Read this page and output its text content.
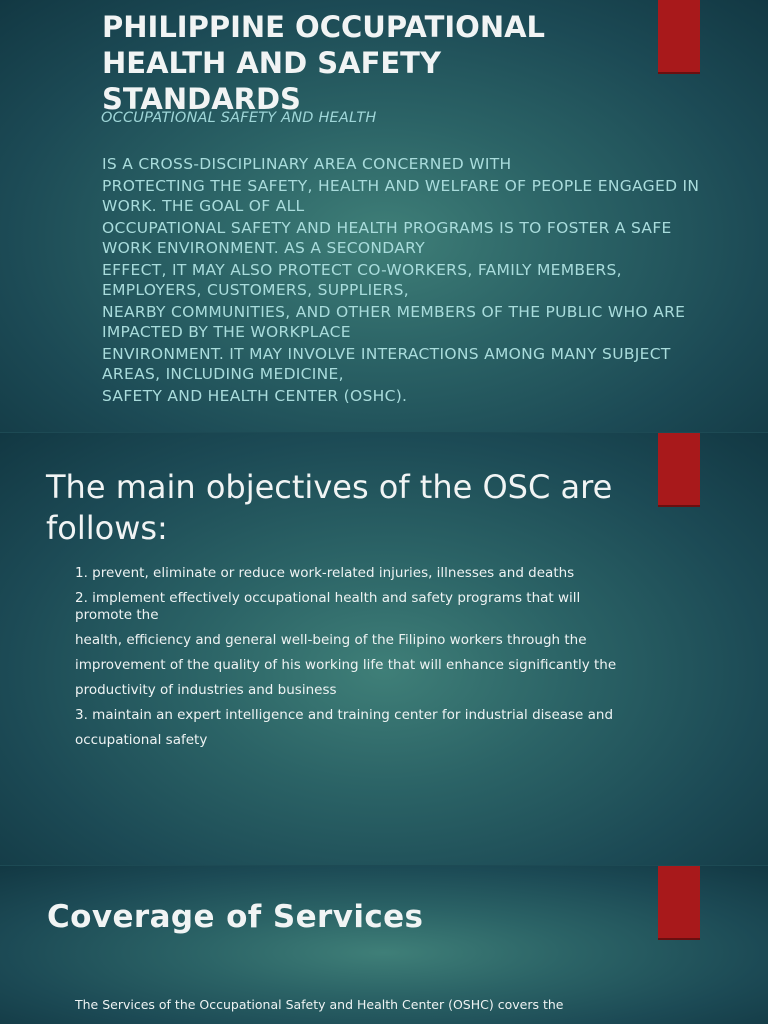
PHILIPPINE OCCUPATIONAL HEALTH AND SAFETY STANDARDS

OCCUPATIONAL SAFETY AND HEALTH

IS A CROSS-DISCIPLINARY AREA CONCERNED WITH
PROTECTING THE SAFETY, HEALTH AND WELFARE OF PEOPLE ENGAGED IN WORK. THE GOAL OF ALL
OCCUPATIONAL SAFETY AND HEALTH PROGRAMS IS TO FOSTER A SAFE WORK ENVIRONMENT. AS A SECONDARY
EFFECT, IT MAY ALSO PROTECT CO-WORKERS, FAMILY MEMBERS, EMPLOYERS, CUSTOMERS, SUPPLIERS,
NEARBY COMMUNITIES, AND OTHER MEMBERS OF THE PUBLIC WHO ARE IMPACTED BY THE WORKPLACE
ENVIRONMENT. IT MAY INVOLVE INTERACTIONS AMONG MANY SUBJECT AREAS, INCLUDING MEDICINE,
SAFETY AND HEALTH CENTER (OSHC).
The main objectives of the OSC are follows:
1. prevent, eliminate or reduce work-related injuries, illnesses and deaths
2. implement effectively occupational health and safety programs that will promote the
health, efficiency and general well-being of the Filipino workers through the
improvement of the quality of his working life that will enhance significantly the
productivity of industries and business
3. maintain an expert intelligence and training center for industrial disease and
occupational safety
Coverage of Services

The Services of the Occupational Safety and Health Center (OSHC) covers the
